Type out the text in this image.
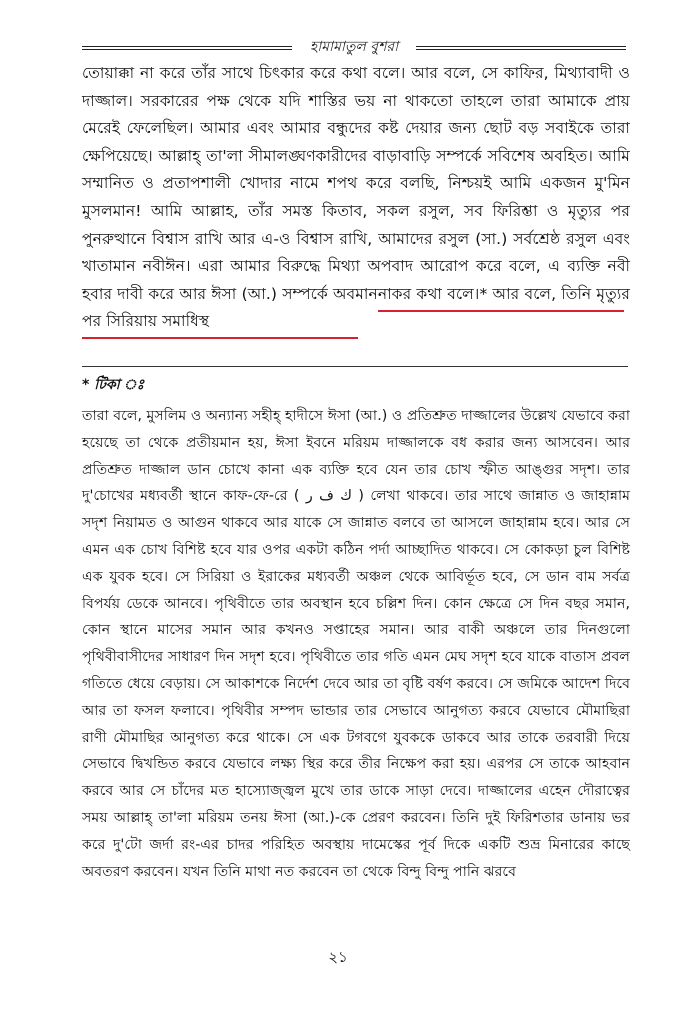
হামামাতুল বুশরা

তোয়াক্কা না করে তাঁর সাথে চিৎকার করে কথা বলে। আর বলে, সে কাফির, মিথ্যাবাদী ও দাজ্জাল। সরকারের পক্ষ থেকে যদি শাস্তির ভয় না থাকতো তাহলে তারা আমাকে প্রায় মেরেই ফেলেছিল। আমার এবং আমার বন্ধুদের কষ্ট দেয়ার জন্য ছোট বড় সবাইকে তারা ক্ষেপিয়েছে। আল্লাহ্ তা'লা সীমালঙ্ঘণকারীদের বাড়াবাড়ি সম্পর্কে সবিশেষ অবহিত। আমি সম্মানিত ও প্রতাপশালী খোদার নামে শপথ করে বলছি, নিশ্চয়ই আমি একজন মু'মিন মুসলমান! আমি আল্লাহ, তাঁর সমস্ত কিতাব, সকল রসুল, সব ফিরিশ্তা ও মৃত্যুর পর পুনরুত্থানে বিশ্বাস রাখি আর এ-ও বিশ্বাস রাখি, আমাদের রসুল (সা.) সর্বশ্রেষ্ঠ রসুল এবং খাতামান নবীঈন। এরা আমার বিরুদ্ধে মিথ্যা অপবাদ আরোপ করে বলে, এ ব্যক্তি নবী হবার দাবী করে আর ঈসা (আ.) সম্পর্কে অবমাননাকর কথা বলে।* আর বলে, তিনি মৃত্যুর পর সিরিয়ায় সমাধিস্থ

* টিকা ঃ

তারা বলে, মুসলিম ও অন্যান্য সহীহ্ হাদীসে ঈসা (আ.) ও প্রতিশ্রুত দাজ্জালের উল্লেখ যেভাবে করা হয়েছে তা থেকে প্রতীয়মান হয়, ঈসা ইবনে মরিয়ম দাজ্জালকে বধ করার জন্য আসবেন। আর প্রতিশ্রুত দাজ্জাল ডান চোখে কানা এক ব্যক্তি হবে যেন তার চোখ স্ফীত আঙ্গুর সদৃশ। তার দু'চোখের মধ্যবর্তী স্থানে কাফ-ফে-রে ( ك ف ر ) লেখা থাকবে। তার সাথে জান্নাত ও জাহান্নাম সদৃশ নিয়ামত ও আগুন থাকবে আর যাকে সে জান্নাত বলবে তা আসলে জাহান্নাম হবে। আর সে এমন এক চোখ বিশিষ্ট হবে যার ওপর একটা কঠিন পর্দা আচ্ছাদিত থাকবে। সে কোকড়া চুল বিশিষ্ট এক যুবক হবে। সে সিরিয়া ও ইরাকের মধ্যবর্তী অঞ্চল থেকে আবির্ভূত হবে, সে ডান বাম সর্বত্র বিপর্যয় ডেকে আনবে। পৃথিবীতে তার অবস্থান হবে চল্লিশ দিন। কোন ক্ষেত্রে সে দিন বছর সমান, কোন স্থানে মাসের সমান আর কখনও সপ্তাহের সমান। আর বাকী অঞ্চলে তার দিনগুলো পৃথিবীবাসীদের সাধারণ দিন সদৃশ হবে। পৃথিবীতে তার গতি এমন মেঘ সদৃশ হবে যাকে বাতাস প্রবল গতিতে ধেয়ে বেড়ায়। সে আকাশকে নির্দেশ দেবে আর তা বৃষ্টি বর্ষণ করবে। সে জমিকে আদেশ দিবে আর তা ফসল ফলাবে। পৃথিবীর সম্পদ ভান্ডার তার সেভাবে আনুগত্য করবে যেভাবে মৌমাছিরা রাণী মৌমাছির আনুগত্য করে থাকে। সে এক টগবগে যুবককে ডাকবে আর তাকে তরবারী দিয়ে সেভাবে দ্বিখন্ডিত করবে যেভাবে লক্ষ্য স্থির করে তীর নিক্ষেপ করা হয়। এরপর সে তাকে আহবান করবে আর সে চাঁদের মত হাস্যোজ্জ্বল মুখে তার ডাকে সাড়া দেবে। দাজ্জালের এহেন দৌরাত্বের সময় আল্লাহ্ তা'লা মরিয়ম তনয় ঈসা (আ.)-কে প্রেরণ করবেন। তিনি দুই ফিরিশতার ডানায় ভর করে দু'টো জর্দা রং-এর চাদর পরিহিত অবস্থায় দামেস্কের পূর্ব দিকে একটি শুভ্র মিনারের কাছে অবতরণ করবেন। যখন তিনি মাথা নত করবেন তা থেকে বিন্দু বিন্দু পানি ঝরবে

২১
